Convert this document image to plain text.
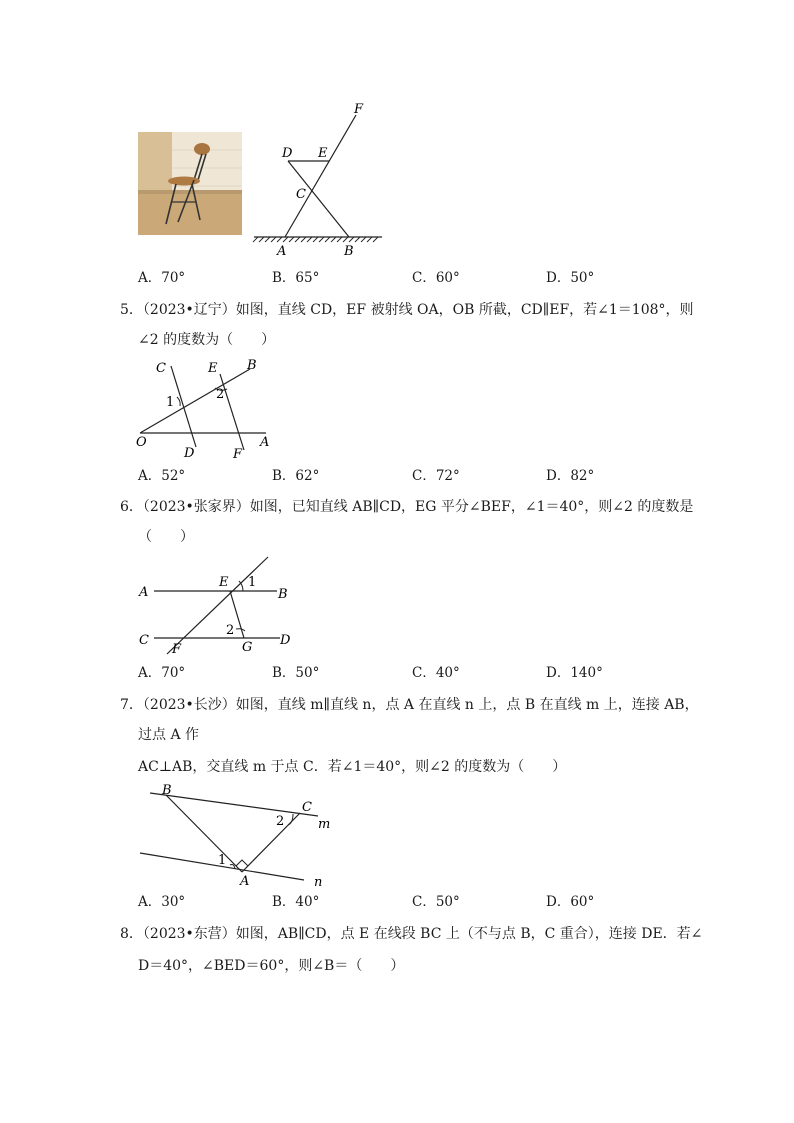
F
D E
C
A	B
A．70°	B．65°	C．60°	D．50°
5．（2023•辽宁）如图，直线 CD，EF 被射线 OA，OB 所截，CD∥EF，若∠1＝108°，则
∠2 的度数为（　　）
C	E B
1
2
O
D	F
A
A．52°	B．62°	C．72°	D．82°
6．（2023•张家界）如图，已知直线 AB∥CD，EG 平分∠BEF，∠1＝40°，则∠2 的度数是
（　　）
A
E 1
B
2
C
F	G D
A．70°	B．50°	C．40°	D．140°
7．（2023•长沙）如图，直线 m∥直线 n，点 A 在直线 n 上，点 B 在直线 m 上，连接 AB，
过点 A 作
AC⊥AB，交直线 m 于点 C．若∠1＝40°，则∠2 的度数为（　　）
B
C
2	m
1
A	n
A．30°	B．40°	C．50°	D．60°
8．（2023•东营）如图，AB∥CD，点 E 在线段 BC 上（不与点 B，C 重合），连接 DE．若∠
D＝40°，∠BED＝60°，则∠B＝（　　）
